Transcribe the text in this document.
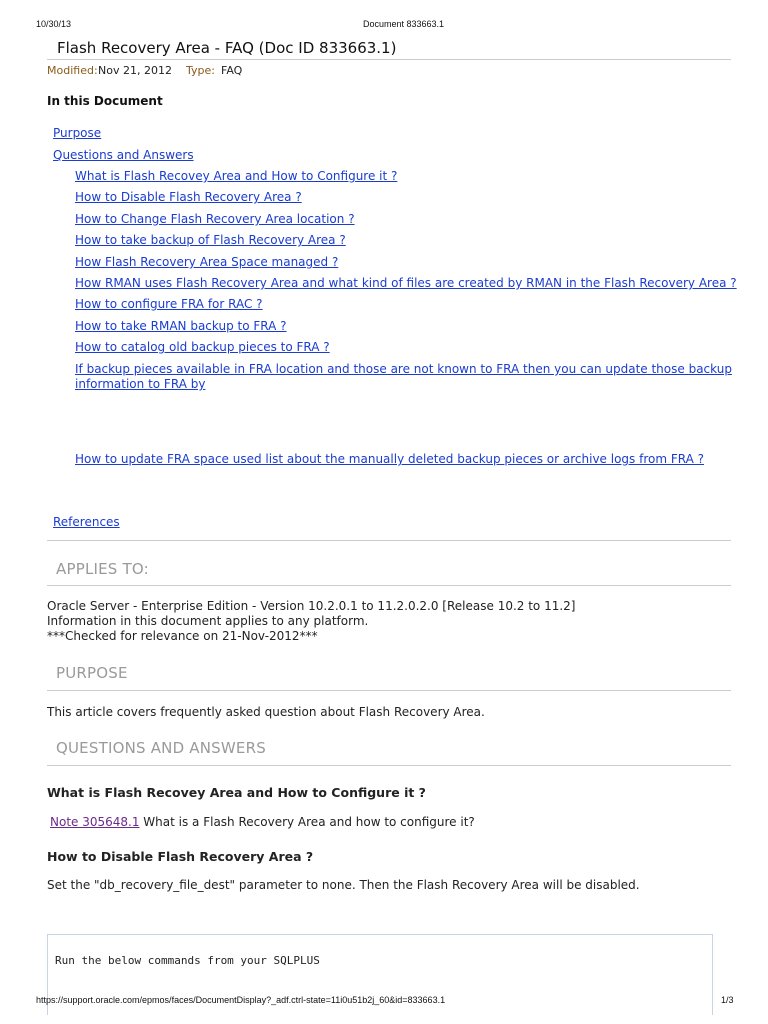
10/30/13	Document 833663.1
Flash Recovery Area - FAQ (Doc ID 833663.1)
Modified: Nov 21, 2012 Type: FAQ
In this Document
Purpose
Questions and Answers
What is Flash Recovey Area and How to Configure it ?
How to Disable Flash Recovery Area ?
How to Change Flash Recovery Area location ?
How to take backup of Flash Recovery Area ?
How Flash Recovery Area Space managed ?
How RMAN uses Flash Recovery Area and what kind of files are created by RMAN in the Flash Recovery Area ?
How to configure FRA for RAC ?
How to take RMAN backup to FRA ?
How to catalog old backup pieces to FRA ?
If backup pieces available in FRA location and those are not known to FRA then you can update those backup
information to FRA by
How to update FRA space used list about the manually deleted backup pieces or archive logs from FRA ?
References
APPLIES TO:
Oracle Server - Enterprise Edition - Version 10.2.0.1 to 11.2.0.2.0 [Release 10.2 to 11.2]
Information in this document applies to any platform.
***Checked for relevance on 21-Nov-2012***
PURPOSE
This article covers frequently asked question about Flash Recovery Area.
QUESTIONS AND ANSWERS
What is Flash Recovey Area and How to Configure it ?
Note 305648.1 What is a Flash Recovery Area and how to configure it?
How to Disable Flash Recovery Area ?
Set the "db_recovery_file_dest" parameter to none. Then the Flash Recovery Area will be disabled.
Run the below commands from your SQLPLUS
https://support.oracle.com/epmos/faces/DocumentDisplay?_adf.ctrl-state=11i0u51b2j_60&id=833663.1	1/3
